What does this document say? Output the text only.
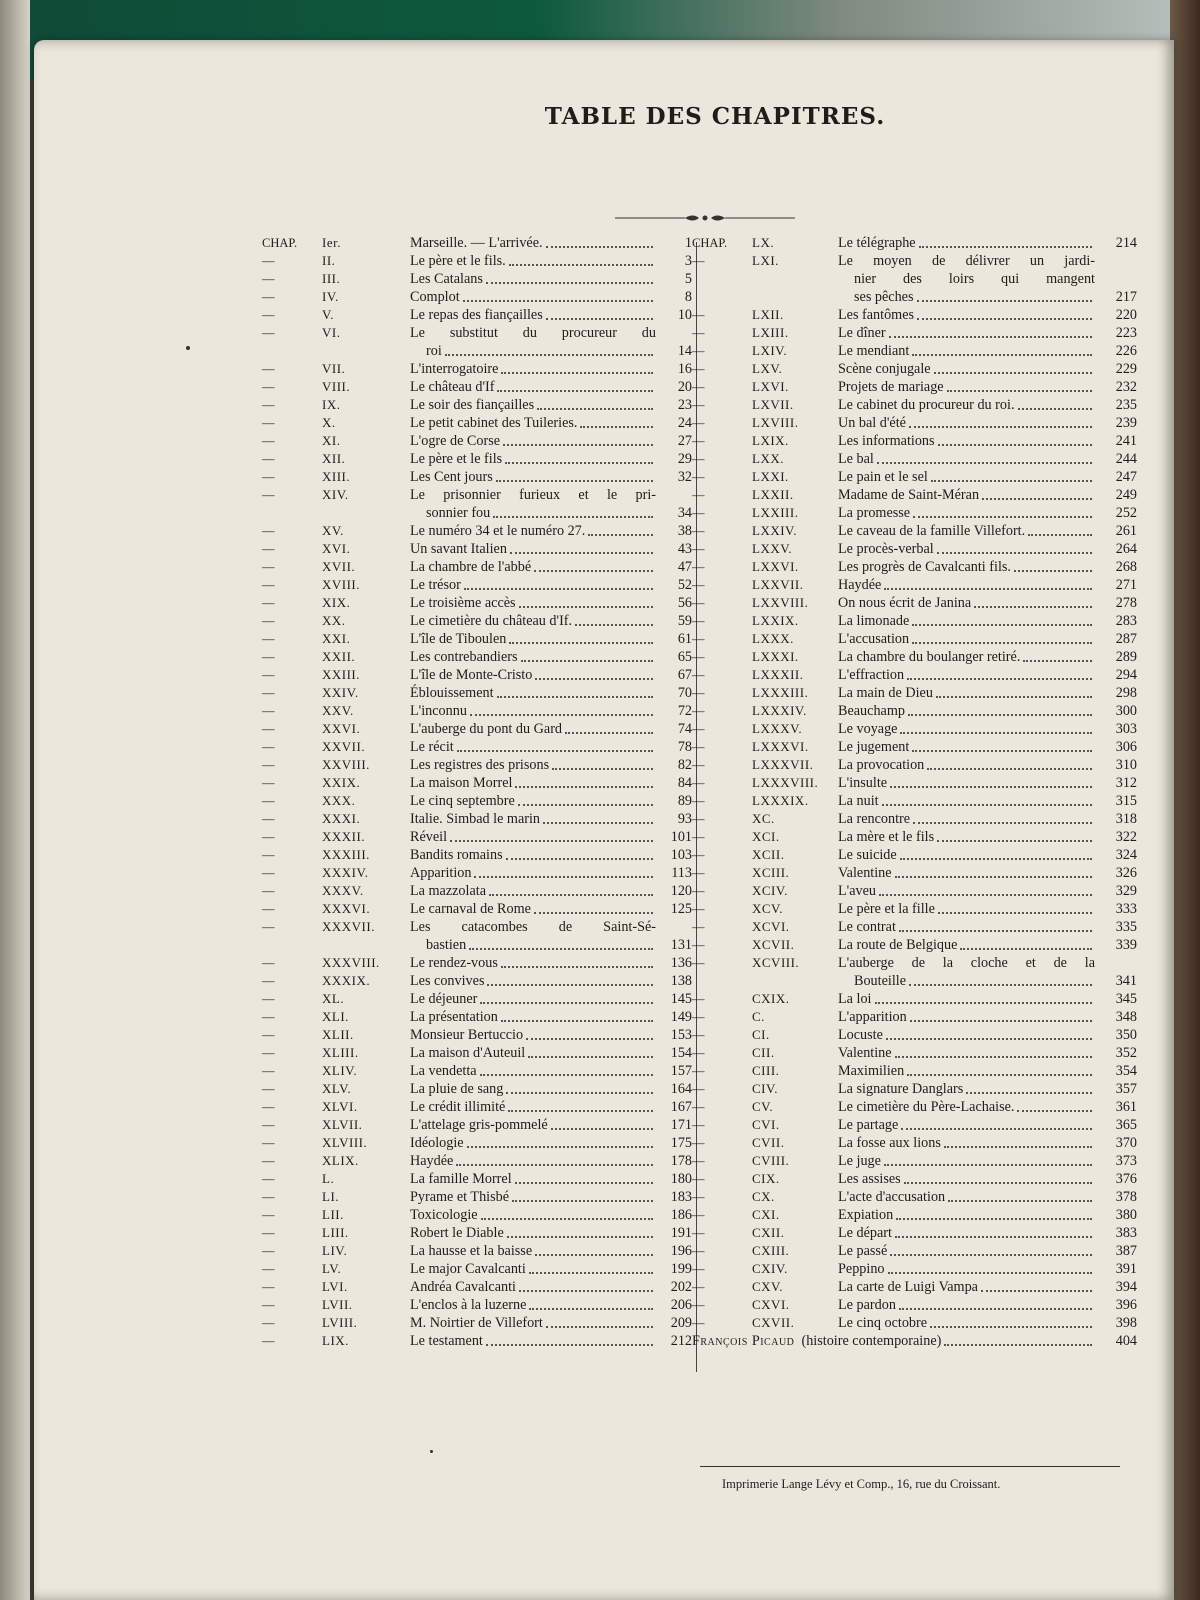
TABLE DES CHAPITRES.
CHAP.	Ier.	Marseille. — L'arrivée.	1
—	II.	Le père et le fils.	3
—	III.	Les Catalans	5
—	IV.	Complot	8
—	V.	Le repas des fiançailles	10
—	VI.	Le substitut du procureur du
roi	14
—	VII.	L'interrogatoire	16
—	VIII.	Le château d'If	20
—	IX.	Le soir des fiançailles	23
—	X.	Le petit cabinet des Tuileries.	24
—	XI.	L'ogre de Corse	27
—	XII.	Le père et le fils	29
—	XIII.	Les Cent jours	32
—	XIV.	Le prisonnier furieux et le pri-
sonnier fou	34
—	XV.	Le numéro 34 et le numéro 27.	38
—	XVI.	Un savant Italien	43
—	XVII.	La chambre de l'abbé	47
—	XVIII.	Le trésor	52
—	XIX.	Le troisième accès	56
—	XX.	Le cimetière du château d'If.	59
—	XXI.	L'île de Tiboulen	61
—	XXII.	Les contrebandiers	65
—	XXIII.	L'île de Monte-Cristo	67
—	XXIV.	Éblouissement	70
—	XXV.	L'inconnu	72
—	XXVI.	L'auberge du pont du Gard	74
—	XXVII.	Le récit	78
—	XXVIII.	Les registres des prisons	82
—	XXIX.	La maison Morrel	84
—	XXX.	Le cinq septembre	89
—	XXXI.	Italie. Simbad le marin	93
—	XXXII.	Réveil	101
—	XXXIII.	Bandits romains	103
—	XXXIV.	Apparition	113
—	XXXV.	La mazzolata	120
—	XXXVI.	Le carnaval de Rome	125
—	XXXVII.	Les catacombes de Saint-Sé-
bastien	131
—	XXXVIII.	Le rendez-vous	136
—	XXXIX.	Les convives	138
—	XL.	Le déjeuner	145
—	XLI.	La présentation	149
—	XLII.	Monsieur Bertuccio	153
—	XLIII.	La maison d'Auteuil	154
—	XLIV.	La vendetta	157
—	XLV.	La pluie de sang	164
—	XLVI.	Le crédit illimité	167
—	XLVII.	L'attelage gris-pommelé	171
—	XLVIII.	Idéologie	175
—	XLIX.	Haydée	178
—	L.	La famille Morrel	180
—	LI.	Pyrame et Thisbé	183
—	LII.	Toxicologie	186
—	LIII.	Robert le Diable	191
—	LIV.	La hausse et la baisse	196
—	LV.	Le major Cavalcanti	199
—	LVI.	Andréa Cavalcanti	202
—	LVII.	L'enclos à la luzerne	206
—	LVIII.	M. Noirtier de Villefort	209
—	LIX.	Le testament	212
CHAP.	LX.	Le télégraphe	214
—	LXI.	Le moyen de délivrer un jardi-
nier des loirs qui mangent
ses pêches	217
—	LXII.	Les fantômes	220
—	LXIII.	Le dîner	223
—	LXIV.	Le mendiant	226
—	LXV.	Scène conjugale	229
—	LXVI.	Projets de mariage	232
—	LXVII.	Le cabinet du procureur du roi.	235
—	LXVIII.	Un bal d'été	239
—	LXIX.	Les informations	241
—	LXX.	Le bal	244
—	LXXI.	Le pain et le sel	247
—	LXXII.	Madame de Saint-Méran	249
—	LXXIII.	La promesse	252
—	LXXIV.	Le caveau de la famille Villefort.	261
—	LXXV.	Le procès-verbal	264
—	LXXVI.	Les progrès de Cavalcanti fils.	268
—	LXXVII.	Haydée	271
—	LXXVIII.	On nous écrit de Janina	278
—	LXXIX.	La limonade	283
—	LXXX.	L'accusation	287
—	LXXXI.	La chambre du boulanger retiré.	289
—	LXXXII.	L'effraction	294
—	LXXXIII.	La main de Dieu	298
—	LXXXIV.	Beauchamp	300
—	LXXXV.	Le voyage	303
—	LXXXVI.	Le jugement	306
—	LXXXVII.	La provocation	310
—	LXXXVIII.	L'insulte	312
—	LXXXIX.	La nuit	315
—	XC.	La rencontre	318
—	XCI.	La mère et le fils	322
—	XCII.	Le suicide	324
—	XCIII.	Valentine	326
—	XCIV.	L'aveu	329
—	XCV.	Le père et la fille	333
—	XCVI.	Le contrat	335
—	XCVII.	La route de Belgique	339
—	XCVIII.	L'auberge de la cloche et de la
Bouteille	341
—	CXIX.	La loi	345
—	C.	L'apparition	348
—	CI.	Locuste	350
—	CII.	Valentine	352
—	CIII.	Maximilien	354
—	CIV.	La signature Danglars	357
—	CV.	Le cimetière du Père-Lachaise.	361
—	CVI.	Le partage	365
—	CVII.	La fosse aux lions	370
—	CVIII.	Le juge	373
—	CIX.	Les assises	376
—	CX.	L'acte d'accusation	378
—	CXI.	Expiation	380
—	CXII.	Le départ	383
—	CXIII.	Le passé	387
—	CXIV.	Peppino	391
—	CXV.	La carte de Luigi Vampa	394
—	CXVI.	Le pardon	396
—	CXVII.	Le cinq octobre	398
François Picaud
(histoire contemporaine)	404
Imprimerie Lange Lévy et Comp., 16, rue du Croissant.
